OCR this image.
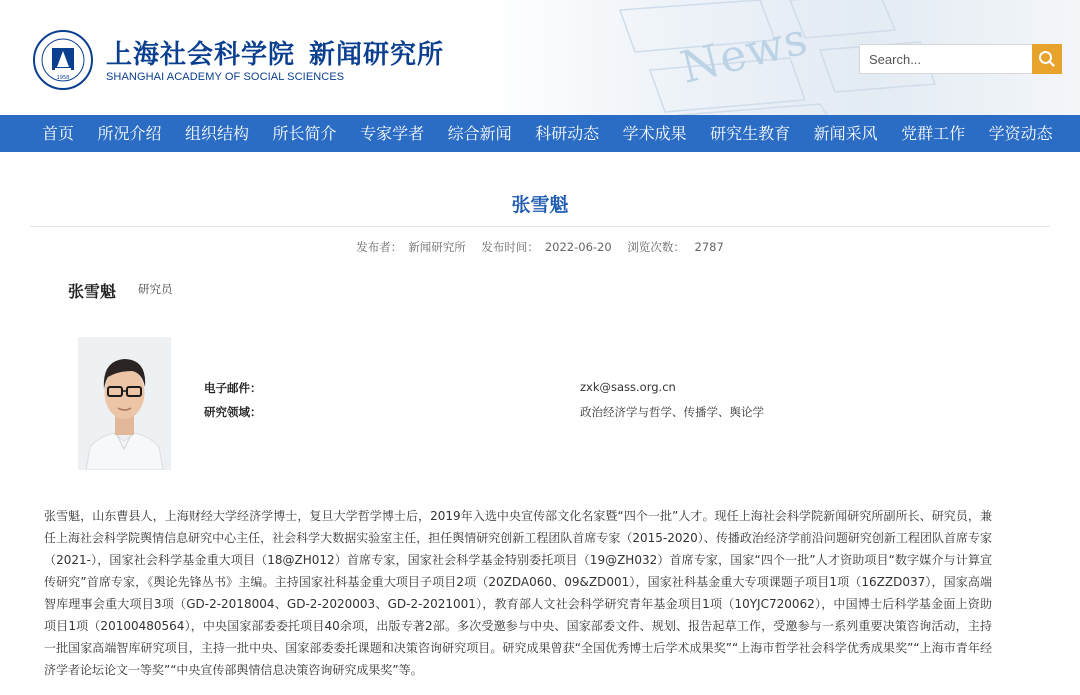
News
1958
上海社会科学院 新闻研究所
SHANGHAI ACADEMY OF SOCIAL SCIENCES
Search...
首页 所况介绍 组织结构 所长简介 专家学者 综合新闻 科研动态 学术成果 研究生教育 新闻采风 党群工作 学资动态
张雪魁
发布者： 新闻研究所 发布时间： 2022-06-20 浏览次数： 2787
张雪魁 研究员
电子邮件：	zxk@sass.org.cn
研究领域：	政治经济学与哲学、传播学、舆论学
张雪魁，山东曹县人，上海财经大学经济学博士，复旦大学哲学博士后，2019年入选中央宣传部文化名家暨“四个一批”人才。现任上海社会科学院新闻研究所副所长、研究员，兼任上海社会科学院舆情信息研究中心主任，社会科学大数据实验室主任，担任舆情研究创新工程团队首席专家（2015-2020）、传播政治经济学前沿问题研究创新工程团队首席专家（2021-），国家社会科学基金重大项目（18@ZH012）首席专家，国家社会科学基金特别委托项目（19@ZH032）首席专家，国家“四个一批”人才资助项目“数字媒介与计算宣传研究”首席专家，《舆论先锋丛书》主编。主持国家社科基金重大项目子项目2项（20ZDA060、09&ZD001），国家社科基金重大专项课题子项目1项（16ZZD037），国家高端智库理事会重大项目3项（GD-2-2018004、GD-2-2020003、GD-2-2021001），教育部人文社会科学研究青年基金项目1项（10YJC720062），中国博士后科学基金面上资助项目1项（20100480564），中央国家部委委托项目40余项，出版专著2部。多次受邀参与中央、国家部委文件、规划、报告起草工作，受邀参与一系列重要决策咨询活动，主持一批国家高端智库研究项目，主持一批中央、国家部委委托课题和决策咨询研究项目。研究成果曾获“全国优秀博士后学术成果奖”“上海市哲学社会科学优秀成果奖”“上海市青年经济学者论坛论文一等奖”“中央宣传部舆情信息决策咨询研究成果奖”等。
